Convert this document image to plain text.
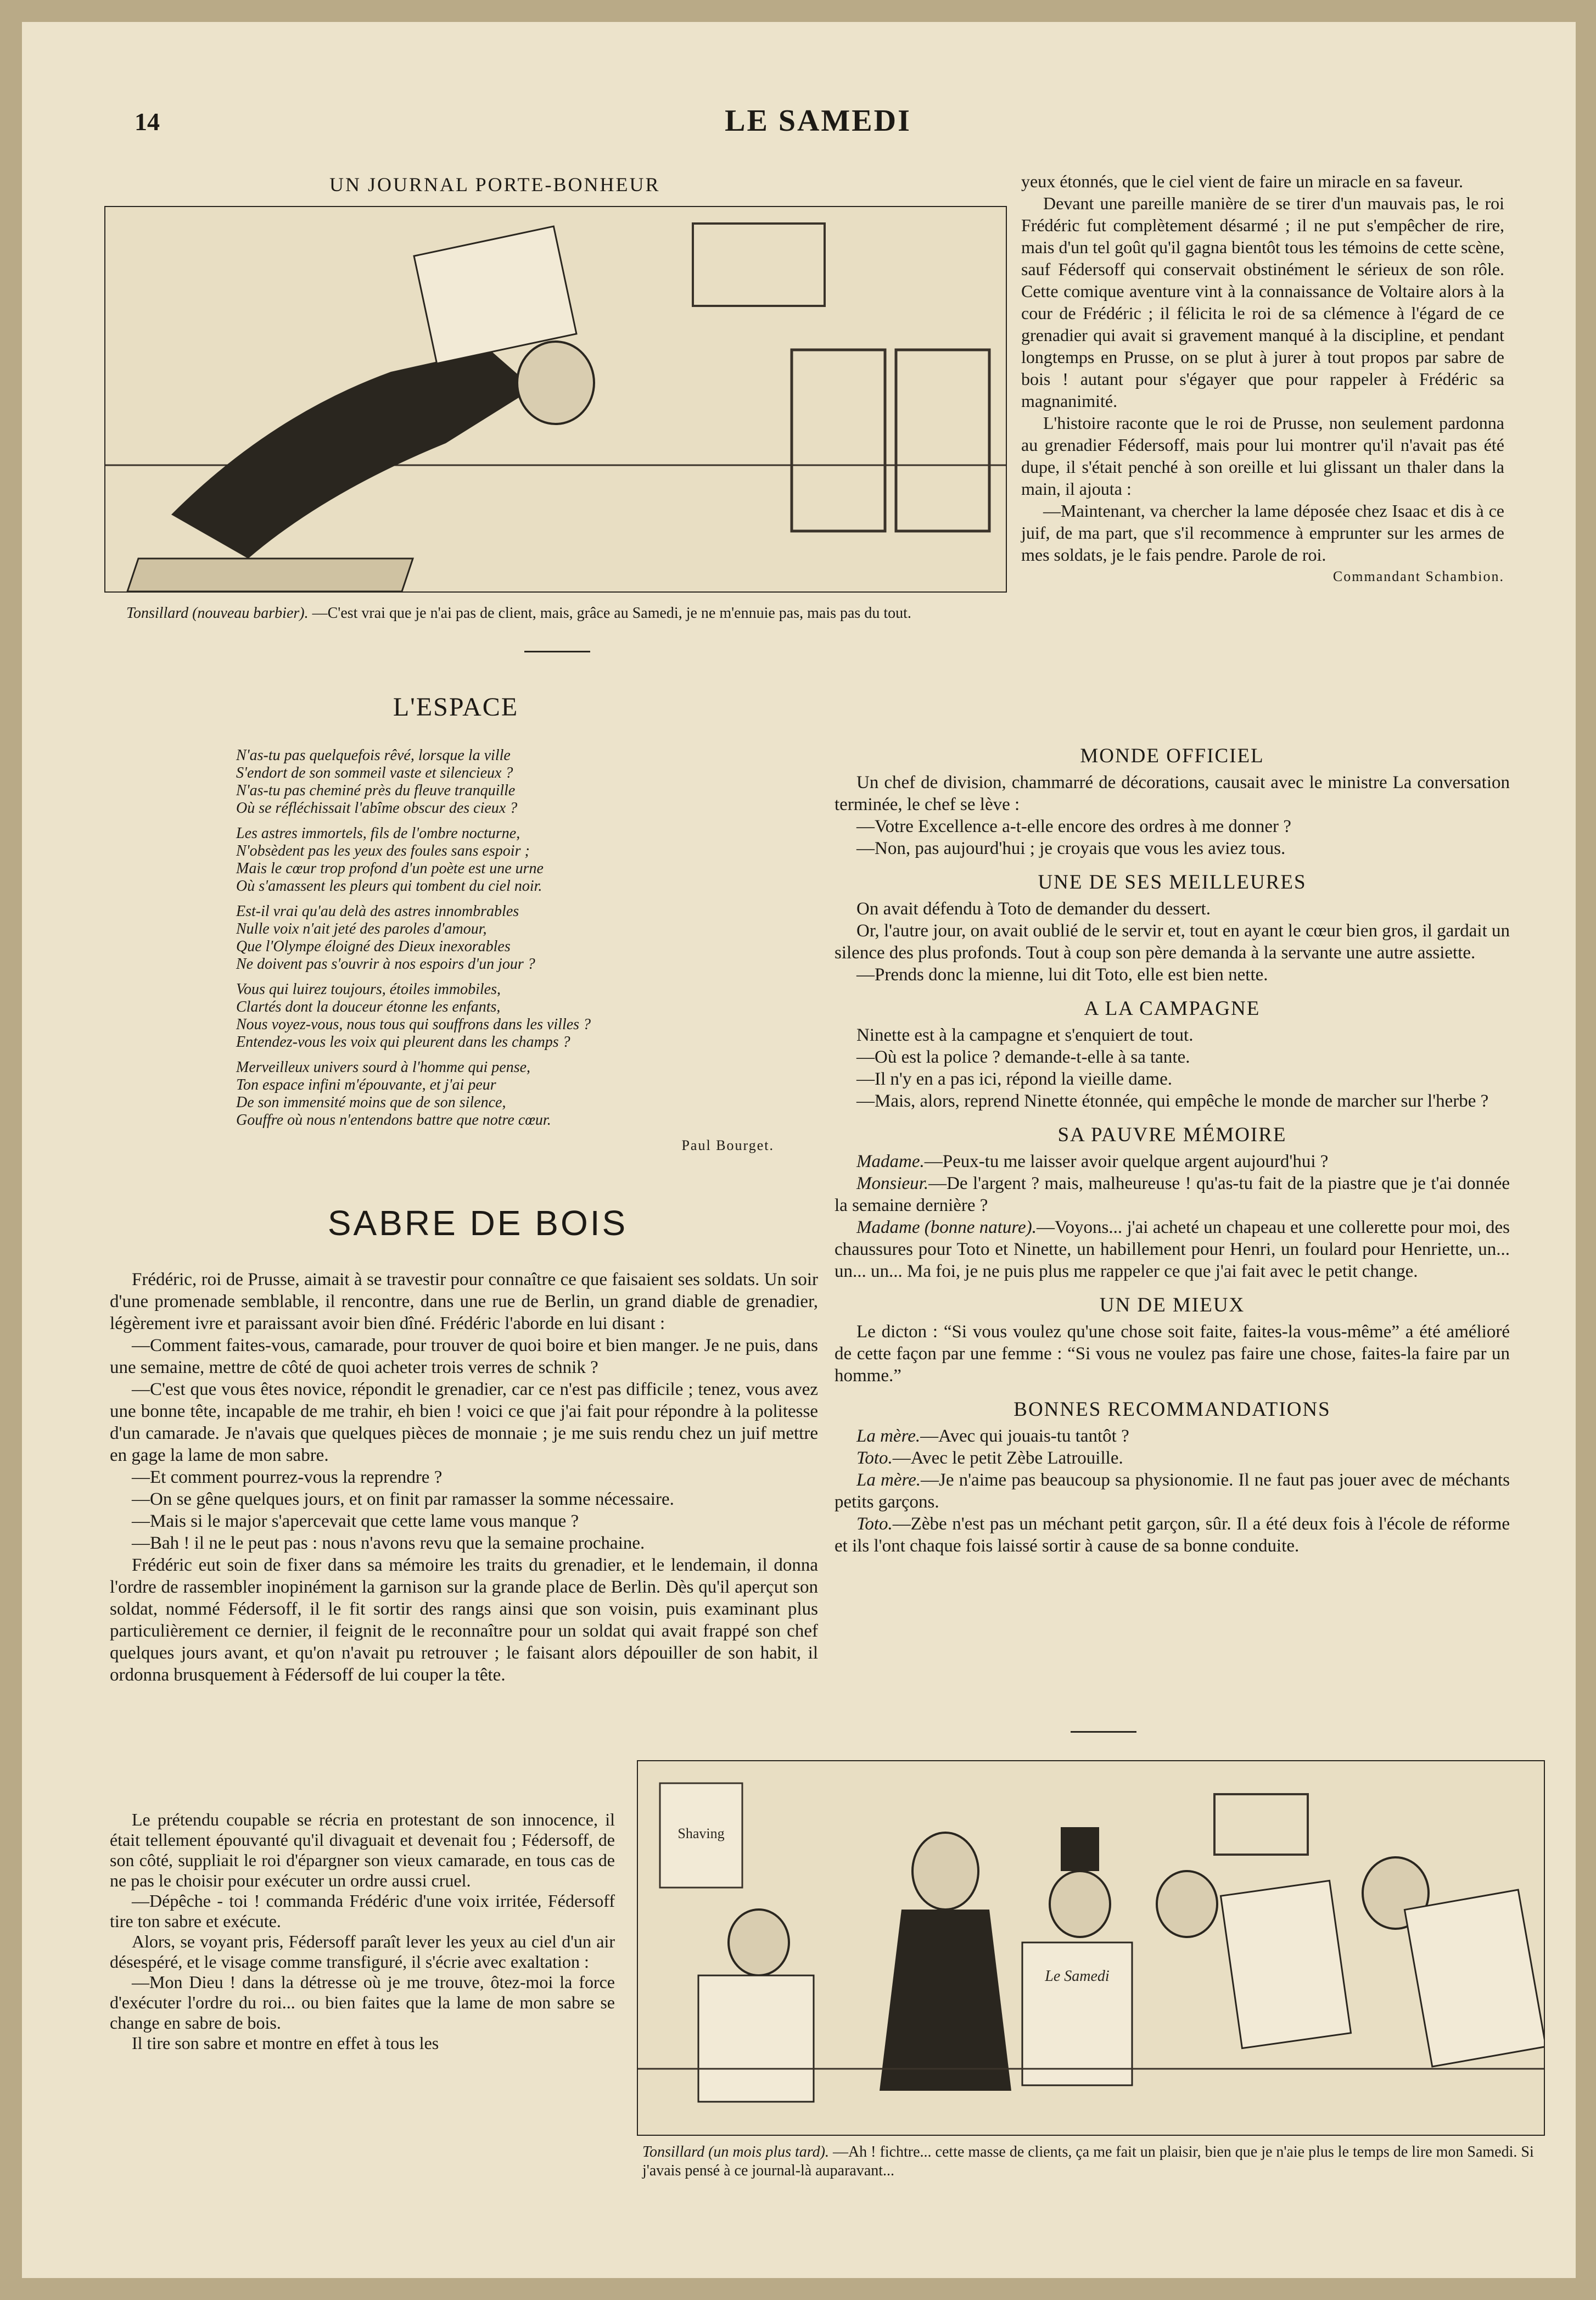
14	LE SAMEDI
UN JOURNAL PORTE-BONHEUR
Tonsillard (nouveau barbier). —C'est vrai que je n'ai pas de client, mais, grâce au Samedi, je ne m'ennuie pas, mais pas du tout.
L'ESPACE
N'as-tu pas quelquefois rêvé, lorsque la ville
S'endort de son sommeil vaste et silencieux ?
N'as-tu pas cheminé près du fleuve tranquille
Où se réfléchissait l'abîme obscur des cieux ?
Les astres immortels, fils de l'ombre nocturne,
N'obsèdent pas les yeux des foules sans espoir ;
Mais le cœur trop profond d'un poète est une urne
Où s'amassent les pleurs qui tombent du ciel noir.
Est-il vrai qu'au delà des astres innombrables
Nulle voix n'ait jeté des paroles d'amour,
Que l'Olympe éloigné des Dieux inexorables
Ne doivent pas s'ouvrir à nos espoirs d'un jour ?
Vous qui luirez toujours, étoiles immobiles,
Clartés dont la douceur étonne les enfants,
Nous voyez-vous, nous tous qui souffrons dans les villes ?
Entendez-vous les voix qui pleurent dans les champs ?
Merveilleux univers sourd à l'homme qui pense,
Ton espace infini m'épouvante, et j'ai peur
De son immensité moins que de son silence,
Gouffre où nous n'entendons battre que notre cœur.
Paul Bourget.
SABRE DE BOIS

Frédéric, roi de Prusse, aimait à se travestir pour connaître ce que faisaient ses soldats. Un soir d'une promenade semblable, il rencontre, dans une rue de Berlin, un grand diable de grenadier, légèrement ivre et paraissant avoir bien dîné. Frédéric l'aborde en lui disant :

—Comment faites-vous, camarade, pour trouver de quoi boire et bien manger. Je ne puis, dans une semaine, mettre de côté de quoi acheter trois verres de schnik ?

—C'est que vous êtes novice, répondit le grenadier, car ce n'est pas difficile ; tenez, vous avez une bonne tête, incapable de me trahir, eh bien ! voici ce que j'ai fait pour répondre à la politesse d'un camarade. Je n'avais que quelques pièces de monnaie ; je me suis rendu chez un juif mettre en gage la lame de mon sabre.

—Et comment pourrez-vous la reprendre ?

—On se gêne quelques jours, et on finit par ramasser la somme nécessaire.

—Mais si le major s'apercevait que cette lame vous manque ?

—Bah ! il ne le peut pas : nous n'avons revu que la semaine prochaine.

Frédéric eut soin de fixer dans sa mémoire les traits du grenadier, et le lendemain, il donna l'ordre de rassembler inopinément la garnison sur la grande place de Berlin. Dès qu'il aperçut son soldat, nommé Fédersoff, il le fit sortir des rangs ainsi que son voisin, puis examinant plus particulièrement ce dernier, il feignit de le reconnaître pour un soldat qui avait frappé son chef quelques jours avant, et qu'on n'avait pu retrouver ; le faisant alors dépouiller de son habit, il ordonna brusquement à Fédersoff de lui couper la tête.

Le prétendu coupable se récria en protestant de son innocence, il était tellement épouvanté qu'il divaguait et devenait fou ; Fédersoff, de son côté, suppliait le roi d'épargner son vieux camarade, en tous cas de ne pas le choisir pour exécuter un ordre aussi cruel.

—Dépêche - toi ! commanda Frédéric d'une voix irritée, Fédersoff tire ton sabre et exécute.

Alors, se voyant pris, Fédersoff paraît lever les yeux au ciel d'un air désespéré, et le visage comme transfiguré, il s'écrie avec exaltation :

—Mon Dieu ! dans la détresse où je me trouve, ôtez-moi la force d'exécuter l'ordre du roi... ou bien faites que la lame de mon sabre se change en sabre de bois.

Il tire son sabre et montre en effet à tous les

yeux étonnés, que le ciel vient de faire un miracle en sa faveur.

Devant une pareille manière de se tirer d'un mauvais pas, le roi Frédéric fut complètement désarmé ; il ne put s'empêcher de rire, mais d'un tel goût qu'il gagna bientôt tous les témoins de cette scène, sauf Fédersoff qui conservait obstinément le sérieux de son rôle. Cette comique aventure vint à la connaissance de Voltaire alors à la cour de Frédéric ; il félicita le roi de sa clémence à l'égard de ce grenadier qui avait si gravement manqué à la discipline, et pendant longtemps en Prusse, on se plut à jurer à tout propos par sabre de bois ! autant pour s'égayer que pour rappeler à Frédéric sa magnanimité.

L'histoire raconte que le roi de Prusse, non seulement pardonna au grenadier Fédersoff, mais pour lui montrer qu'il n'avait pas été dupe, il s'était penché à son oreille et lui glissant un thaler dans la main, il ajouta :

—Maintenant, va chercher la lame déposée chez Isaac et dis à ce juif, de ma part, que s'il recommence à emprunter sur les armes de mes soldats, je le fais pendre. Parole de roi.

Commandant Schambion.
MONDE OFFICIEL

Un chef de division, chammarré de décorations, causait avec le ministre La conversation terminée, le chef se lève :

—Votre Excellence a-t-elle encore des ordres à me donner ?

—Non, pas aujourd'hui ; je croyais que vous les aviez tous.

UNE DE SES MEILLEURES

On avait défendu à Toto de demander du dessert.

Or, l'autre jour, on avait oublié de le servir et, tout en ayant le cœur bien gros, il gardait un silence des plus profonds. Tout à coup son père demanda à la servante une autre assiette.

—Prends donc la mienne, lui dit Toto, elle est bien nette.

A LA CAMPAGNE

Ninette est à la campagne et s'enquiert de tout.

—Où est la police ? demande-t-elle à sa tante.

—Il n'y en a pas ici, répond la vieille dame.

—Mais, alors, reprend Ninette étonnée, qui empêche le monde de marcher sur l'herbe ?

SA PAUVRE MÉMOIRE

Madame.—Peux-tu me laisser avoir quelque argent aujourd'hui ?

Monsieur.—De l'argent ? mais, malheureuse ! qu'as-tu fait de la piastre que je t'ai donnée la semaine dernière ?

Madame (bonne nature).—Voyons... j'ai acheté un chapeau et une collerette pour moi, des chaussures pour Toto et Ninette, un habillement pour Henri, un foulard pour Henriette, un... un... un... Ma foi, je ne puis plus me rappeler ce que j'ai fait avec le petit change.

UN DE MIEUX

Le dicton : “Si vous voulez qu'une chose soit faite, faites-la vous-même” a été amélioré de cette façon par une femme : “Si vous ne voulez pas faire une chose, faites-la faire par un homme.”

BONNES RECOMMANDATIONS

La mère.—Avec qui jouais-tu tantôt ?

Toto.—Avec le petit Zèbe Latrouille.

La mère.—Je n'aime pas beaucoup sa physionomie. Il ne faut pas jouer avec de méchants petits garçons.

Toto.—Zèbe n'est pas un méchant petit garçon, sûr. Il a été deux fois à l'école de réforme et ils l'ont chaque fois laissé sortir à cause de sa bonne conduite.

Shaving
Le Samedi
Tonsillard (un mois plus tard). —Ah ! fichtre... cette masse de clients, ça me fait un plaisir, bien que je n'aie plus le temps de lire mon Samedi. Si j'avais pensé à ce journal-là auparavant...
